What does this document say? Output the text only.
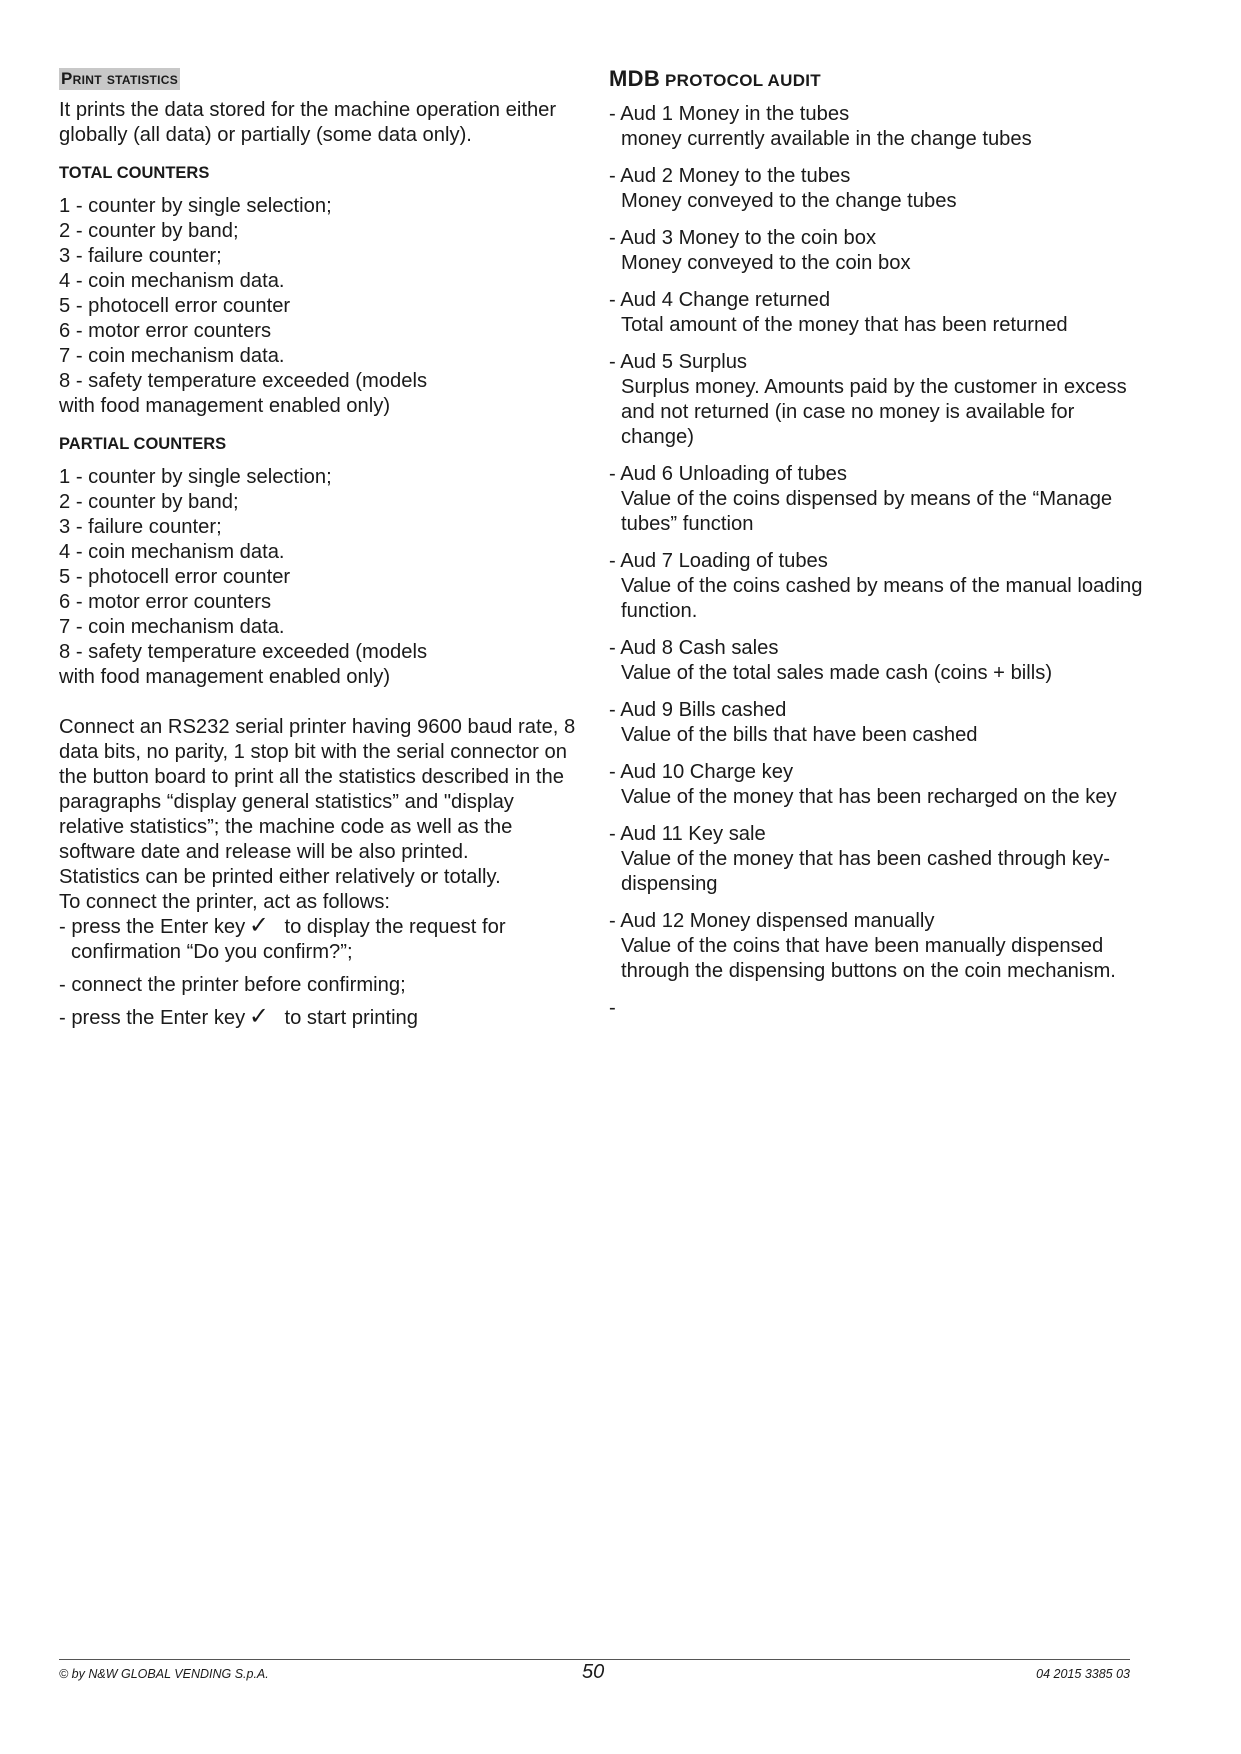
Print statistics

It prints the data stored for the machine operation either globally (all data) or partially (some data only).

TOTAL COUNTERS
1 - counter by single selection;
2 - counter by band;
3 - failure counter;
4 - coin mechanism data.
5 - photocell error counter
6 - motor error counters
7 - coin mechanism data.
8 - safety temperature exceeded (models with food management enabled only)
PARTIAL COUNTERS
1 - counter by single selection;
2 - counter by band;
3 - failure counter;
4 - coin mechanism data.
5 - photocell error counter
6 - motor error counters
7 - coin mechanism data.
8 - safety temperature exceeded (models with food management enabled only)

Connect an RS232 serial printer having 9600 baud rate, 8 data bits, no parity, 1 stop bit with the serial connector on the button board to print all the statistics described in the paragraphs “display general statistics” and "display relative statistics”; the machine code as well as the software date and release will be also printed.

Statistics can be printed either relatively or totally.

To connect the printer, act as follows:

- press the Enter key ✓ to display the request for confirmation “Do you confirm?”;
- connect the printer before confirming;
- press the Enter key ✓ to start printing
MDB PROTOCOL AUDIT
- Aud 1 Money in the tubes
money currently available in the change tubes
- Aud 2 Money to the tubes
Money conveyed to the change tubes
- Aud 3 Money to the coin box
Money conveyed to the coin box
- Aud 4 Change returned
Total amount of the money that has been returned
- Aud 5 Surplus
Surplus money. Amounts paid by the customer in excess and not returned (in case no money is available for change)
- Aud 6 Unloading of tubes
Value of the coins dispensed by means of the “Manage tubes” function
- Aud 7 Loading of tubes
Value of the coins cashed by means of the manual loading function.
- Aud 8 Cash sales
Value of the total sales made cash (coins + bills)
- Aud 9 Bills cashed
Value of the bills that have been cashed
- Aud 10 Charge key
Value of the money that has been recharged on the key
- Aud 11 Key sale
Value of the money that has been cashed through key-dispensing
- Aud 12 Money dispensed manually
Value of the coins that have been manually dispensed through the dispensing buttons on the coin mechanism.
-
© by N&W GLOBAL VENDING S.p.A.	50	04 2015 3385 03
